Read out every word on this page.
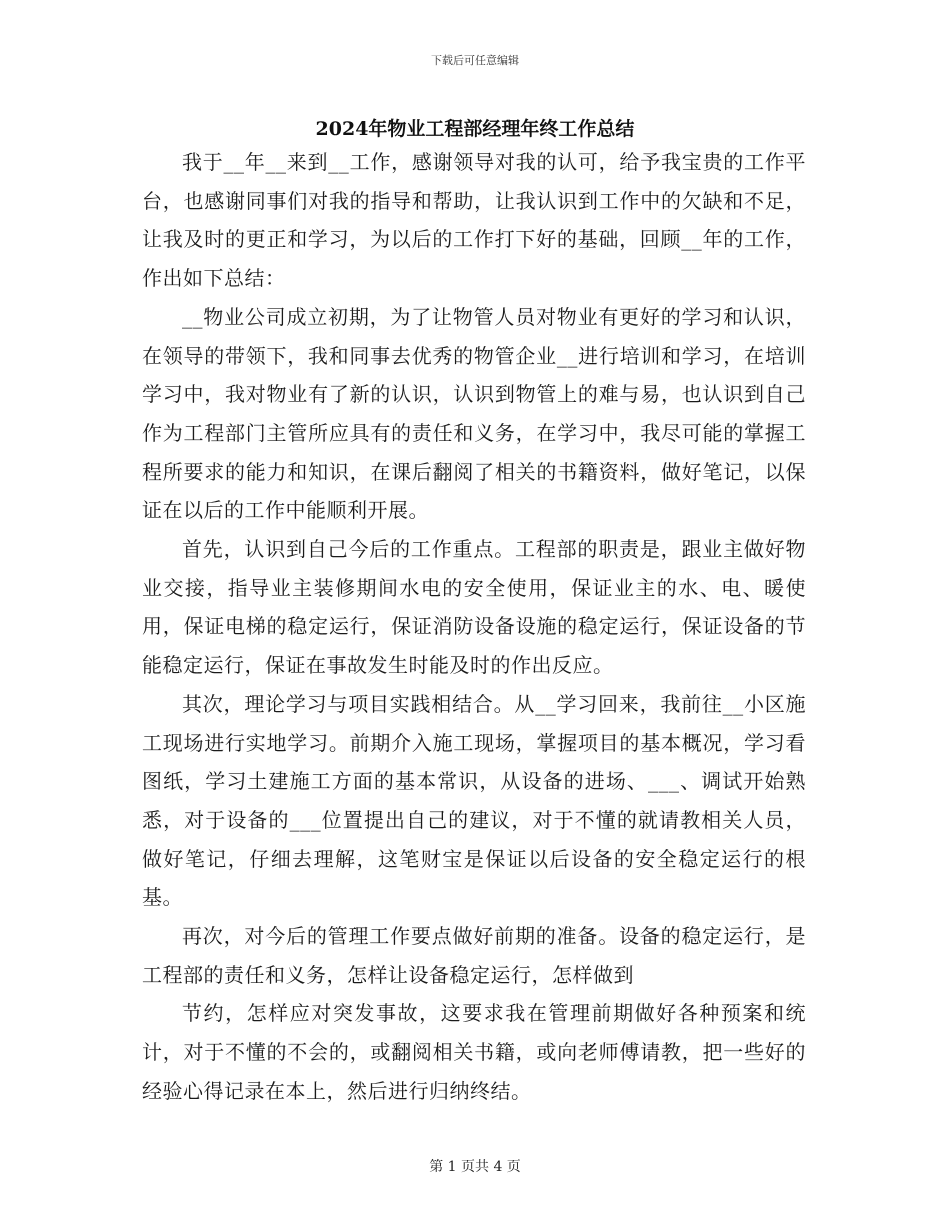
下载后可任意编辑
2024年物业工程部经理年终工作总结

我于__年__来到__工作，感谢领导对我的认可，给予我宝贵的工作平台，也感谢同事们对我的指导和帮助，让我认识到工作中的欠缺和不足，让我及时的更正和学习，为以后的工作打下好的基础，回顾__年的工作，作出如下总结：

__物业公司成立初期，为了让物管人员对物业有更好的学习和认识，在领导的带领下，我和同事去优秀的物管企业__进行培训和学习，在培训学习中，我对物业有了新的认识，认识到物管上的难与易，也认识到自己作为工程部门主管所应具有的责任和义务，在学习中，我尽可能的掌握工程所要求的能力和知识，在课后翻阅了相关的书籍资料，做好笔记，以保证在以后的工作中能顺利开展。

首先，认识到自己今后的工作重点。工程部的职责是，跟业主做好物业交接，指导业主装修期间水电的安全使用，保证业主的水、电、暖使用，保证电梯的稳定运行，保证消防设备设施的稳定运行，保证设备的节能稳定运行，保证在事故发生时能及时的作出反应。

其次，理论学习与项目实践相结合。从__学习回来，我前往__小区施工现场进行实地学习。前期介入施工现场，掌握项目的基本概况，学习看图纸，学习土建施工方面的基本常识，从设备的进场、___、调试开始熟悉，对于设备的___位置提出自己的建议，对于不懂的就请教相关人员，做好笔记，仔细去理解，这笔财宝是保证以后设备的安全稳定运行的根基。

再次，对今后的管理工作要点做好前期的准备。设备的稳定运行，是工程部的责任和义务，怎样让设备稳定运行，怎样做到

节约，怎样应对突发事故，这要求我在管理前期做好各种预案和统计，对于不懂的不会的，或翻阅相关书籍，或向老师傅请教，把一些好的经验心得记录在本上，然后进行归纳终结。

第 1 页共 4 页
